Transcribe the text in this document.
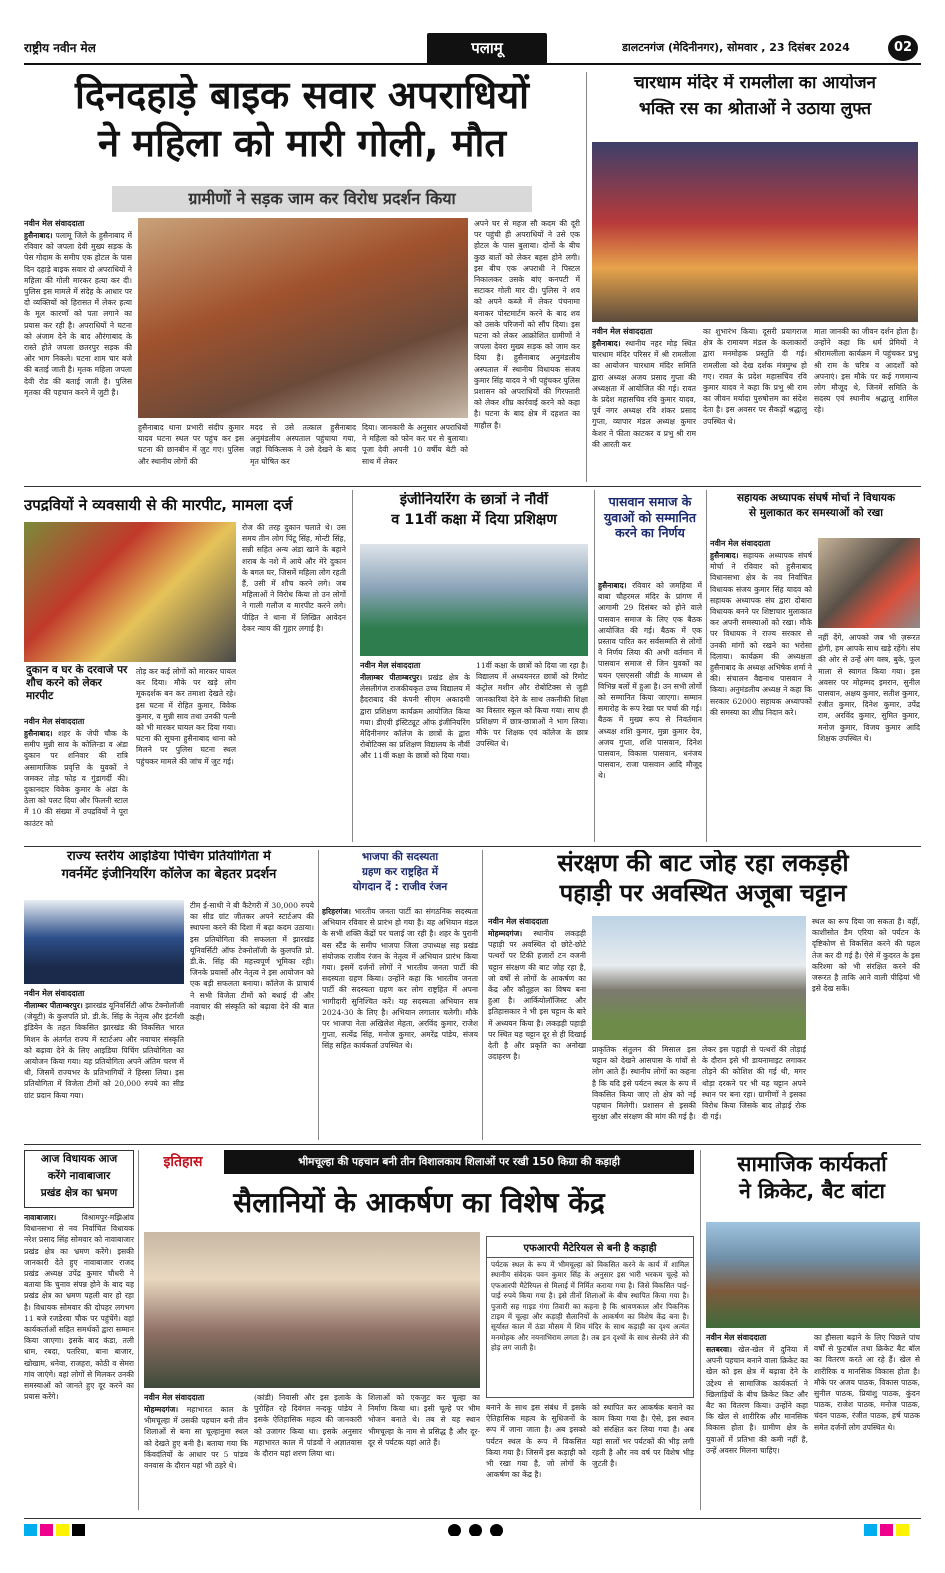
राष्ट्रीय नवीन मेल	पलामू	डालटनगंज (मेदिनीनगर), सोमवार , 23 दिसंबर 2024	02
दिनदहाड़े बाइक सवार अपराधियों
ने महिला को मारी गोली, मौत
ग्रामीणों ने सड़क जाम कर विरोध प्रदर्शन किया
नवीन मेल संवाददाता
हुसैनाबाद। पलामू जिले के हुसैनाबाद में रविवार को जपला देवी मुख्य सड़क के पेस गोदाम के समीप एक होटल के पास दिन दहाड़े बाइक सवार दो अपराधियों ने महिला की गोली मारकर हत्या कर दी। पुलिस इस मामले में संदेह के आधार पर दो व्यक्तियों को हिरासत में लेकर हत्या के मूल कारणों को पता लगाने का प्रयास कर रही है। अपराधियों ने घटना को अंजाम देने के बाद औरंगाबाद के रास्ते होते जपला छतरपुर सड़क की ओर भाग निकले। घटना शाम चार बजे की बताई जाती है। मृतक महिला जपला देवी रोड की बताई जाती है। पुलिस मृतका की पहचान करने में जुटी है।
हुसैनाबाद थाना प्रभारी संदीप कुमार यादव घटना स्थल पर पहुंच कर इस घटना की छानबीन में जुट गए। पुलिस और स्थानीय लोगों की
मदद से उसे तत्काल हुसैनाबाद अनुमंडलीय अस्पताल पहुंचाया गया, जहां चिकित्सक ने उसे देखने के बाद मृत घोषित कर
दिया। जानकारी के अनुसार अपराधियों ने महिला को फोन कर घर से बुलाया। पूजा देवी अपनी 10 वर्षीय बेटी को साथ में लेकर
अपने घर से महज सौ कदम की दूरी पर पहुंची ही अपराधियों ने उसे एक होटल के पास बुलाया। दोनों के बीच कुछ बातों को लेकर बहस होने लगी। इस बीच एक अपराधी ने पिस्टल निकालकर उसके बांए कनपटी में सटाकर गोली मार दी। पुलिस ने शव को अपने कब्जे में लेकर पंचनामा बनाकर पोस्टमार्टम करने के बाद शव को उसके परिजनों को सौंप दिया। इस घटना को लेकर आक्रोशित ग्रामीणों ने जपला देवरा मुख्य सड़क को जाम कर दिया है। हुसैनाबाद अनुमंडलीय अस्पताल में स्थानीय विधायक संजय कुमार सिंह यादव ने भी पहुंचकर पुलिस प्रशासन को अपराधियों की गिरफ्तारी को लेकर शीघ्र कार्रवाई करने को कहा है। घटना के बाद क्षेत्र में दहशत का माहौल है।
चारधाम मंदिर में रामलीला का आयोजन
भक्ति रस का श्रोताओं ने उठाया लुफ्त
नवीन मेल संवाददाता
हुसैनाबाद। स्थानीय नहर मोड़ स्थित चारधाम मंदिर परिसर में श्री रामलीला का आयोजन चारधाम मंदिर समिति द्वारा अध्यक्ष अजय प्रसाद गुप्ता की अध्यक्षता में आयोजित की गई। रावत के प्रदेश महासचिव रवि कुमार यादव, पूर्व नगर अध्यक्ष रवि शंकर प्रसाद गुप्ता, व्यापार मंडल अध्यक्ष कुमार केशर ने फीता काटकर व प्रभु श्री राम की आरती कर
का शुभारंभ किया। दूसरी प्रयागराज क्षेत्र के रामायण मंडल के कलाकारों द्वारा मनमोहक प्रस्तुति दी गई। रामलीला को देख दर्शक मंत्रमुग्ध हो गए। रावत के प्रदेश महासचिव रवि कुमार यादव ने कहा कि प्रभु श्री राम का जीवन मर्यादा पुरुषोत्तम का संदेश देता है। इस अवसर पर सैकड़ों श्रद्धालु उपस्थित थे।
माता जानकी का जीवन दर्शन होता है। उन्होंने कहा कि धर्म प्रेमियों ने श्रीरामलीला कार्यक्रम में पहुंचकर प्रभु श्री राम के चरित्र व आदर्शों को अपनाएं। इस मौके पर कई गणमान्य लोग मौजूद थे, जिनमें समिति के सदस्य एवं स्थानीय श्रद्धालु शामिल रहे।
उपद्रवियों ने व्यवसायी से की मारपीट, मामला दर्ज
दुकान व घर के दरवाजे पर शौच करने को लेकर मारपीट
नवीन मेल संवाददाता
हुसैनाबाद। शहर के जेपी चौक के समीप मुन्नी साव के कोलिन्डा व अंडा दुकान पर शनिवार की रात्रि असामाजिक प्रवृत्ति के युवकों ने जमकर तोड़ फोड़ व गुंडागर्दी की। दुकानदार विवेक कुमार के अंडा के ठेला को पलट दिया और फिलनी स्टाल में 10 की संख्या में उपद्रवियों ने पूरा काउंटर को
तोड़ कर कई लोगों को मारकर घायल कर दिया। मौके पर खड़े लोग मूकदर्शक बन कर तमाशा देखते रहे। इस घटना में रोहित कुमार, विवेक कुमार, व मुन्नी साव तथा उनकी पत्नी को भी मारकर घायल कर दिया गया। घटना की सूचना हुसैनाबाद थाना को मिलने पर पुलिस घटना स्थल पहुंचकर मामले की जांच में जुट गई।
रोज की तरह दुकान चलाते थे। उस समय तीन लोग पिंटू सिंह, मोन्टी सिंह, सन्नी सहित अन्य अंडा खाने के बहाने शराब के नशे में आये और मेरे दुकान के बगल घर, जिसमें महिला लोग रहती हैं, उसी में शौच करने लगे। जब महिलाओं ने विरोध किया तो उन लोगों ने गाली गलौज व मारपीट करने लगे। पीड़ित ने थाना में लिखित आवेदन देकर न्याय की गुहार लगाई है।
इंजीनियरिंग के छात्रों ने नौवीं
व 11वीं कक्षा में दिया प्रशिक्षण
नवीन मेल संवाददाता
नीलाम्बर पीताम्बरपुर। प्रखंड क्षेत्र के लेसलीगंज राजकीयकृत उच्च विद्यालय में हैदराबाद की कंपनी सीएम अकादमी द्वारा प्रशिक्षण कार्यक्रम आयोजित किया गया। डीएवी इंस्टिट्यूट ऑफ इंजीनियरिंग मेदिनीनगर कॉलेज के छात्रों के द्वारा रोबोटिक्स का प्रशिक्षण विद्यालय के नौवीं और 11वीं कक्षा के छात्रों को दिया गया।
11वीं कक्षा के छात्रों को दिया जा रहा है। विद्यालय में अध्ययनरत छात्रों को रिमोट कंट्रोल मशीन और रोबोटिक्स से जुड़ी जानकारियां देने के साथ तकनीकी शिक्षा का विस्तार स्कूल को किया गया। साथ ही प्रशिक्षण में छात्र-छात्राओं ने भाग लिया। मौके पर शिक्षक एवं कॉलेज के छात्र उपस्थित थे।
पासवान समाज के युवाओं को सम्मानित करने का निर्णय
हुसैनाबाद। रविवार को जमहिया में बाबा चौहरमल मंदिर के प्रांगण में आगामी 29 दिसंबर को होने वाले पासवान समाज के लिए एक बैठक आयोजित की गई। बैठक में एक प्रस्ताव पारित कर सर्वसम्मति से लोगों ने निर्णय लिया की अभी वर्तमान में पासवान समाज से जिन युवकों का चयन एसएससी जीडी के माध्यम से विभिन्न बलों में हुआ है। उन सभी लोगों को सम्मानित किया जाएगा। सम्मान समारोह के रूप रेखा पर चर्चा की गई। बैठक में मुख्य रूप से निवर्तमान अध्यक्ष शशि कुमार, मुन्ना कुमार देव, अजय गुप्ता, शशि पासवान, दिनेश पासवान, विकास पासवान, धनंजय पासवान, राजा पासवान आदि मौजूद थे।
सहायक अध्यापक संघर्ष मोर्चा ने विधायक
से मुलाकात कर समस्याओं को रखा
नवीन मेल संवाददाता
हुसैनाबाद। सहायक अध्यापक संघर्ष मोर्चा ने रविवार को हुसैनाबाद विधानसभा क्षेत्र के नव निर्वाचित विधायक संजय कुमार सिंह यादव को सहायक अध्यापक संघ द्वारा दोबारा विधायक बनने पर शिष्टाचार मुलाकात कर अपनी समस्याओं को रखा। मौके पर विधायक ने राज्य सरकार से उनकी मांगों को रखने का भरोसा दिलाया। कार्यक्रम की अध्यक्षता हुसैनाबाद के अध्यक्ष अभिषेक शर्मा ने की। संचालन वैद्यनाथ पासवान ने किया। अनुमंडलीय अध्यक्ष ने कहा कि सरकार 62000 सहायक अध्यापकों की समस्या का शीघ्र निदान करे।
नहीं देंगे, आपको जब भी ज़रूरत होगी, हम आपके साथ खड़े रहेंगे। संघ की ओर से उन्हें अंग वस्त्र, बुके, फूल माला से स्वागत किया गया। इस अवसर पर मोहम्मद इमरान, सुनील पासवान, अक्षय कुमार, सतीश कुमार, रंजीत कुमार, दिनेश कुमार, उपेंद्र राम, अरविंद कुमार, सुमित कुमार, मनोज कुमार, विजय कुमार आदि शिक्षक उपस्थित थे।
राज्य स्तरीय आइडिया पिचिंग प्रतियोगिता में
गवर्नमेंट इंजीनियरिंग कॉलेज का बेहतर प्रदर्शन
नवीन मेल संवाददाता
नीलाम्बर पीताम्बरपुर। झारखंड यूनिवर्सिटी ऑफ टेक्नोलॉजी (जेयूटी) के कुलपति प्रो. डी.के. सिंह के नेतृत्व और इंटर्नशी इंडियेन के तहत विकसित झारखंड की विकसित भारत मिशन के अंतर्गत राज्य में स्टार्टअप और नवाचार संस्कृति को बढ़ावा देने के लिए आइडिया पिचिंग प्रतियोगिता का आयोजन किया गया। यह प्रतियोगिता अपने अंतिम चरण में थी, जिसमें राज्यभर के प्रतिभागियों ने हिस्सा लिया। इस प्रतियोगिता में विजेता टीमों को 20,000 रुपये का सीड ग्रांट प्रदान किया गया।
टीम ई-साथी ने बी कैटेगरी में 30,000 रुपये का सीड ग्रांट जीतकर अपने स्टार्टअप की स्थापना करने की दिशा में बढ़ा कदम उठाया। इस प्रतियोगिता की सफलता में झारखंड यूनिवर्सिटी ऑफ टेक्नोलॉजी के कुलपति प्रो. डी.के. सिंह की महत्त्वपूर्ण भूमिका रही। जिनके प्रयासों और नेतृत्व ने इस आयोजन को एक बड़ी सफलता बनाया। कॉलेज के प्राचार्य ने सभी विजेता टीमों को बधाई दी और नवाचार की संस्कृति को बढ़ावा देने की बात कही।
भाजपा की सदस्यता
ग्रहण कर राष्ट्रहित में
योगदान दें : राजीव रंजन
हरिहरगंज। भारतीय जनता पार्टी का संगठनिक सदस्यता अभियान रविवार से प्रारंभ हो गया है। यह अभियान मंडल के सभी शक्ति केंद्रों पर चलाई जा रही है। शहर के पुरानी बस स्टैंड के समीप भाजपा जिला उपाध्यक्ष सह प्रखंड संयोजक राजीव रंजन के नेतृत्व में अभियान प्रारंभ किया गया। इसमें दर्जनों लोगों ने भारतीय जनता पार्टी की सदस्यता ग्रहण किया। उन्होंने कहा कि भारतीय जनता पार्टी की सदस्यता ग्रहण कर लोग राष्ट्रहित में अपना भागीदारी सुनिश्चित करें। यह सदस्यता अभियान सत्र 2024-30 के लिए है। अभियान लगातार चलेगी। मौके पर भाजपा नेता अखिलेश मेहता, अरविंद कुमार, राजेश गुप्ता, सत्येंद्र सिंह, मनोज कुमार, अमरेंद्र पांडेय, संजय सिंह सहित कार्यकर्ता उपस्थित थे।
संरक्षण की बाट जोह रहा लकड़ही
पहाड़ी पर अवस्थित अजूबा चट्टान
नवीन मेल संवाददाता
मोहम्मदगंज। स्थानीय लकड़ही पहाड़ी पर अवस्थित दो छोटे-छोटे पत्थरों पर टिकी हजारों टन वजनी चट्टान संरक्षण की बाट जोह रहा है, जो वर्षों से लोगों के आकर्षण का केंद्र और कौतूहल का विषय बना हुआ है। आर्कियोलॉजिस्ट और इतिहासकार ने भी इस चट्टान के बारे में अध्ययन किया है। लकड़ही पहाड़ी पर स्थित यह चट्टान दूर से ही दिखाई देती है और प्रकृति का अनोखा उदाहरण है।
प्राकृतिक संतुलन की मिसाल इस चट्टान को देखने आसपास के गांवों से लोग आते हैं। स्थानीय लोगों का कहना है कि यदि इसे पर्यटन स्थल के रूप में विकसित किया जाए तो क्षेत्र को नई पहचान मिलेगी। प्रशासन से इसकी सुरक्षा और संरक्षण की मांग की गई है।
लेकर इस पहाड़ी से पत्थरों की तोड़ाई के दौरान इसे भी डायनामाइट लगाकर तोड़ने की कोशिश की गई थी, मगर थोड़ा दरकने पर भी यह चट्टान अपने स्थान पर बना रहा। ग्रामीणों ने इसका विरोध किया जिसके बाद तोड़ाई रोक दी गई।
स्थल का रूप दिया जा सकता है। वहीं, काशीसोत डैम एरिया को पर्यटन के दृष्टिकोण से विकसित करने की पहल तेज कर दी गई है। ऐसे में कुदरत के इस करिश्मा को भी संरक्षित करने की जरूरत है ताकि आने वाली पीढ़ियां भी इसे देख सकें।
आज विधायक आज
करेंगे नावाबाजार
प्रखंड क्षेत्र का भ्रमण
नावाबाजार।	विश्रामपुर-मझिआंव विधानसभा से नव निर्वाचित विधायक नरेश प्रसाद सिंह सोमवार को नावाबाजार प्रखंड क्षेत्र का भ्रमण करेंगे। इसकी जानकारी देते हुए नावाबाजार राजद प्रखंड अध्यक्ष उपेंद्र कुमार चौधरी ने बताया कि चुनाव संपन्न होने के बाद यह प्रखंड क्षेत्र का भ्रमण पहली बार हो रहा है। विधायक सोमवार की दोपहर लगभग 11 बजे रजडेरवा चौक पर पहुंचेंगे। वहां कार्यकर्ताओं सहित समर्थकों द्वारा सम्मान किया जाएगा। इसके बाद कंडा, तली धाम, रबदा, पतरिया, बाना बाजार, खोखाम, धनेवा, राजहरा, कोठी व सेमरा गांव जाएंगे। वहां लोगों से मिलकर उनकी समस्याओं को जानते हुए दूर करने का प्रयास करेंगे।
इतिहास	भीमचूल्हा की पहचान बनी तीन विशालकाय शिलाओं पर रखी 150 किग्रा की कड़ाही
सैलानियों के आकर्षण का विशेष केंद्र
एफआरपी मैटेरियल से बनी है कड़ाही
पर्यटक स्थल के रूप में भीमचूल्हा को विकसित करने के कार्य में शामिल स्थानीय संवेदक पवन कुमार सिंह के अनुसार इस भारी भरकम चूल्हे को एफआरपी मैटेरियल से मिलाई में निर्मित कराया गया है। जिसे विकसित पाई-पाई रुपये किया गया है। इसे तीनों शिलाओं के बीच स्थापित किया गया है। पुजारी सह गाइड गंगा तिवारी का कहना है कि श्रावणकाल और पिकनिक टाइम में चूल्हा और कड़ाही सैलानियों के आकर्षण का विशेष केंद्र बना है। सूर्यास्त काल में ठंडा मौसम में शिव मंदिर के साथ कड़ाही का दृश्य अत्यंत मनमोहक और नयनाभिराम लगता है। तब इन दृश्यों के साथ सेल्फी लेने की होड़ लग जाती है।
नवीन मेल संवाददाता
मोहम्मदगंज। महाभारत काल के भीमचूल्हा में उसकी पहचान बनी तीन शिलाओं से बना सा चूल्हानुमा स्थल को देखते हुए बनी है। बताया गया कि किंवदंतियों के आधार पर 5 पांडव वनवास के दौरान यहां भी ठहरे थे।
(कांडी) निवासी और इस इलाके के पुरोहित रहे दिवंगत नन्दकू पांडेय ने इसके ऐतिहासिक महत्व की जानकारी को उजागर किया था। इसके अनुसार महाभारत काल में पांडवों ने अज्ञातवास के दौरान यहां शरण लिया था।
शिलाओं को एकजुट कर चूल्हा का निर्माण किया था। इसी चूल्हे पर भीम भोजन बनाते थे। तब से यह स्थान भीमचूल्हा के नाम से प्रसिद्ध है और दूर-दूर से पर्यटक यहां आते हैं।
बनाने के साथ इस संबंध में इसके ऐतिहासिक महत्व के सुधिजनों के रूप में जाना जाता है। अब इसको पर्यटन स्थल के रूप में विकसित किया गया है। जिसमें इस कड़ाही को भी रखा गया है, जो लोगों के आकर्षण का केंद्र है।
को स्थापित कर आकर्षक बनाने का काम किया गया है। ऐसे, इस स्थान को संरक्षित कर लिया गया है। अब यहां सालों भर पर्यटकों की भीड़ लगी रहती है और नव वर्ष पर विशेष भीड़ जुटती है।
सामाजिक कार्यकर्ता
ने क्रिकेट, बैट बांटा
नवीन मेल संवाददाता
सतबरवा। खेल-खेल में दुनिया में अपनी पहचान बनाने वाला क्रिकेट का खेल को इस क्षेत्र में बढ़ावा देने के उद्देश्य से सामाजिक कार्यकर्ता ने खिलाड़ियों के बीच क्रिकेट किट और बैट का वितरण किया। उन्होंने कहा कि खेल से शारीरिक और मानसिक विकास होता है। ग्रामीण क्षेत्र के युवाओं में प्रतिभा की कमी नहीं है, उन्हें अवसर मिलना चाहिए।
का हौसला बढ़ाने के लिए पिछले पांच वर्षों से फुटबॉल तथा क्रिकेट बैट बॉल का वितरण करते आ रहे हैं। खेल से शारीरिक व मानसिक विकास होता है। मौके पर अजय पाठक, विकास पाठक, सुनील पाठक, प्रियांशु पाठक, कुंदन पाठक, राजेश पाठक, मनोज पाठक, चंदन पाठक, रंजीत पाठक, हर्ष पाठक समेत दर्जनों लोग उपस्थित थे।
